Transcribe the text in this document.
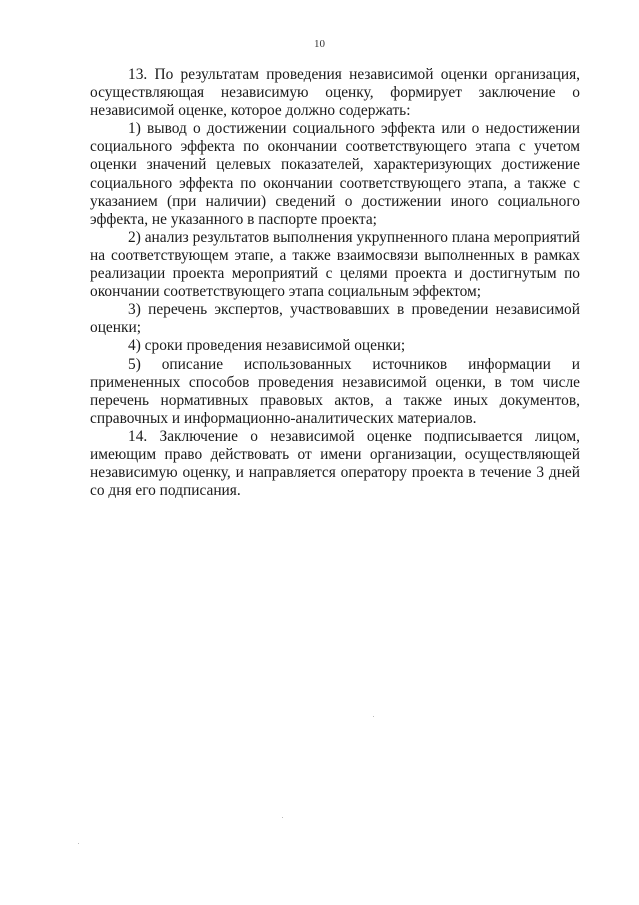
10

13. По результатам проведения независимой оценки организация, осуществляющая независимую оценку, формирует заключение о независимой оценке, которое должно содержать:

1) вывод о достижении социального эффекта или о недостижении социального эффекта по окончании соответствующего этапа с учетом оценки значений целевых показателей, характеризующих достижение социального эффекта по окончании соответствующего этапа, а также с указанием (при наличии) сведений о достижении иного социального эффекта, не указанного в паспорте проекта;

2) анализ результатов выполнения укрупненного плана мероприятий на соответствующем этапе, а также взаимосвязи выполненных в рамках реализации проекта мероприятий с целями проекта и достигнутым по окончании соответствующего этапа социальным эффектом;

3) перечень экспертов, участвовавших в проведении независимой оценки;

4) сроки проведения независимой оценки;

5) описание использованных источников информации и примененных способов проведения независимой оценки, в том числе перечень нормативных правовых актов, а также иных документов, справочных и информационно-аналитических материалов.

14. Заключение о независимой оценке подписывается лицом, имеющим право действовать от имени организации, осуществляющей независимую оценку, и направляется оператору проекта в течение 3 дней со дня его подписания.
